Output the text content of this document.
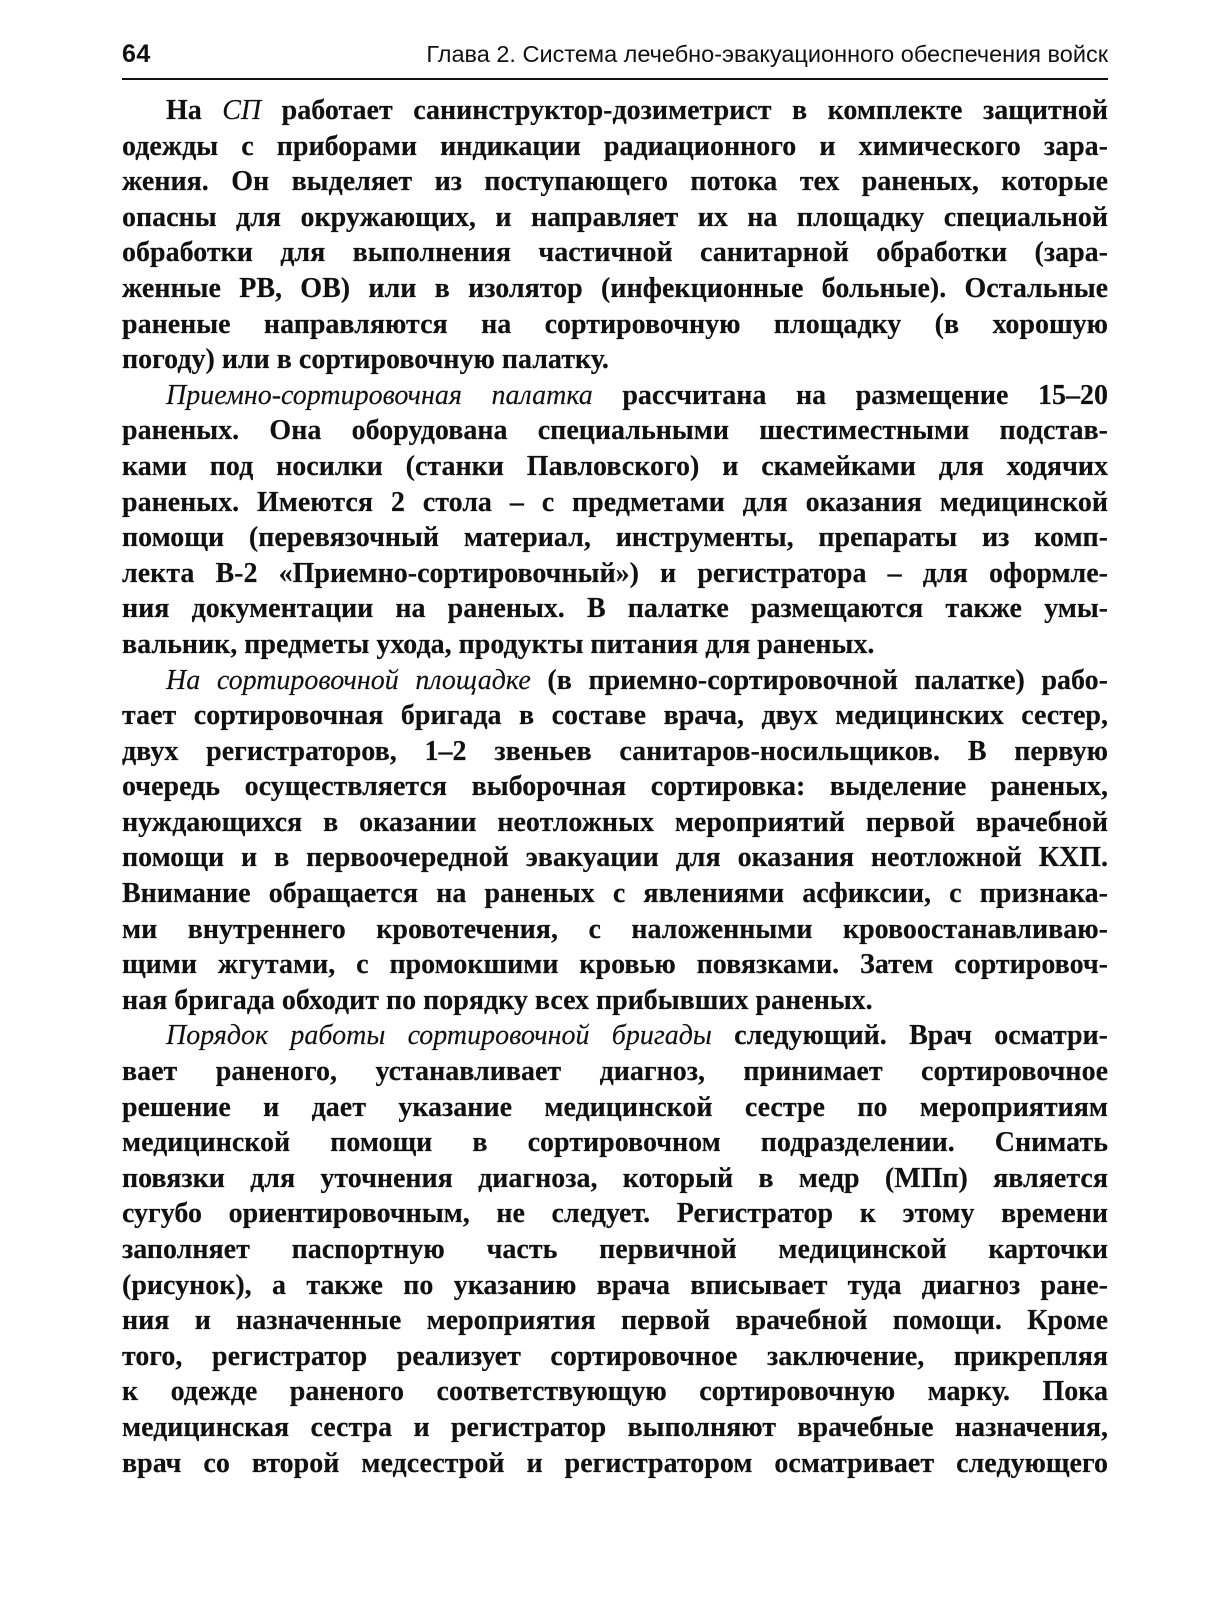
64	Глава 2. Система лечебно-эвакуационного обеспечения войск

На СП работает санинструктор-дозиметрист в комплекте защитной
одежды с приборами индикации радиационного и химического зара-
жения. Он выделяет из поступающего потока тех раненых, которые
опасны для окружающих, и направляет их на площадку специальной
обработки для выполнения частичной санитарной обработки (зара-
женные РВ, ОВ) или в изолятор (инфекционные больные). Остальные
раненые направляются на сортировочную площадку (в хорошую
погоду) или в сортировочную палатку.

Приемно-сортировочная палатка рассчитана на размещение 15–20
раненых. Она оборудована специальными шестиместными подстав-
ками под носилки (станки Павловского) и скамейками для ходячих
раненых. Имеются 2 стола – с предметами для оказания медицинской
помощи (перевязочный материал, инструменты, препараты из комп-
лекта В-2 «Приемно-сортировочный») и регистратора – для оформле-
ния документации на раненых. В палатке размещаются также умы-
вальник, предметы ухода, продукты питания для раненых.

На сортировочной площадке (в приемно-сортировочной палатке) рабо-
тает сортировочная бригада в составе врача, двух медицинских сестер,
двух регистраторов, 1–2 звеньев санитаров-носильщиков. В первую
очередь осуществляется выборочная сортировка: выделение раненых,
нуждающихся в оказании неотложных мероприятий первой врачебной
помощи и в первоочередной эвакуации для оказания неотложной КХП.
Внимание обращается на раненых с явлениями асфиксии, с признака-
ми внутреннего кровотечения, с наложенными кровоостанавливаю-
щими жгутами, с промокшими кровью повязками. Затем сортировоч-
ная бригада обходит по порядку всех прибывших раненых.

Порядок работы сортировочной бригады следующий. Врач осматри-
вает раненого, устанавливает диагноз, принимает сортировочное
решение и дает указание медицинской сестре по мероприятиям
медицинской помощи в сортировочном подразделении. Снимать
повязки для уточнения диагноза, который в медр (МПп) является
сугубо ориентировочным, не следует. Регистратор к этому времени
заполняет паспортную часть первичной медицинской карточки
(рисунок), а также по указанию врача вписывает туда диагноз ране-
ния и назначенные мероприятия первой врачебной помощи. Кроме
того, регистратор реализует сортировочное заключение, прикрепляя
к одежде раненого соответствующую сортировочную марку. Пока
медицинская сестра и регистратор выполняют врачебные назначения,
врач со второй медсестрой и регистратором осматривает следующего
